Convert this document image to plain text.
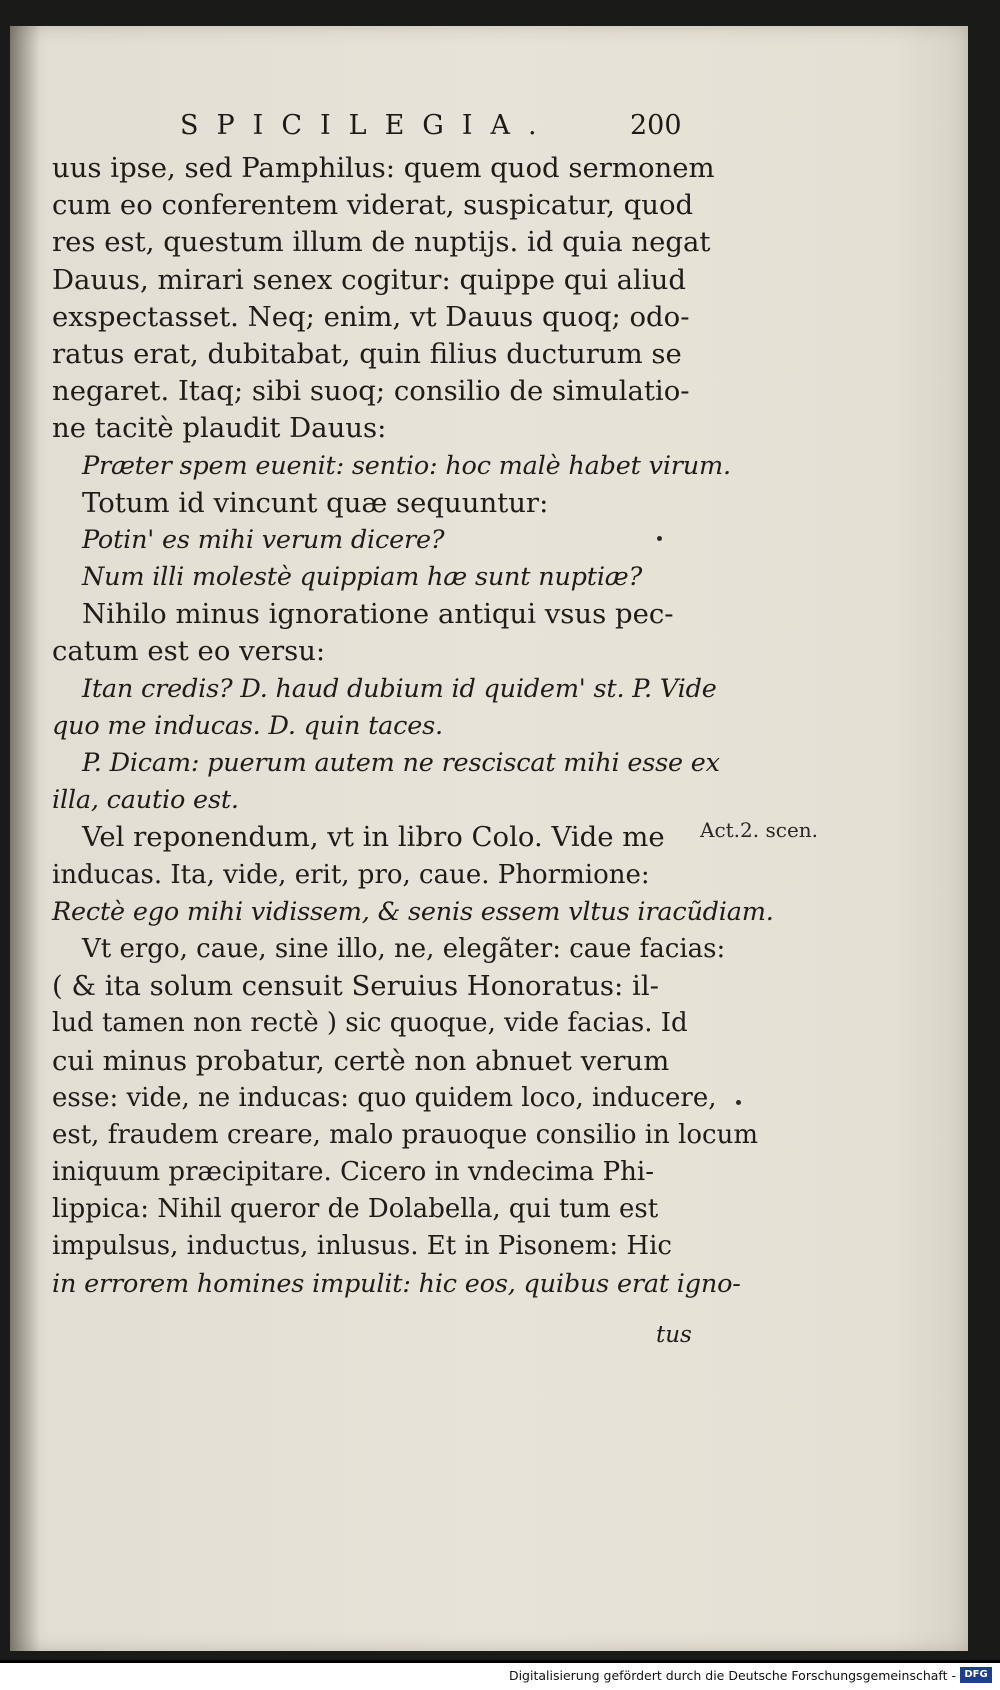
SPICILEGIA.	200
uus ipse, sed Pamphilus: quem quod sermonem
cum eo conferentem viderat, suspicatur, quod
res est, questum illum de nuptijs. id quia negat
Dauus, mirari senex cogitur: quippe qui aliud
exspectasset. Neq; enim, vt Dauus quoq; odo-
ratus erat, dubitabat, quin filius ducturum se
negaret. Itaq; sibi suoq; consilio de simulatio-
ne tacitè plaudit Dauus:
Præter spem euenit: sentio: hoc malè habet virum.
Totum id vincunt quæ sequuntur:
Potin' es mihi verum dicere?
Num illi molestè quippiam hæ sunt nuptiæ?
Nihilo minus ignoratione antiqui vsus pec-
catum est eo versu:
Itan credis? D. haud dubium id quidem' st. P. Vide
quo me inducas. D. quin taces.
P. Dicam: puerum autem ne resciscat mihi esse ex
illa, cautio est.
Vel reponendum, vt in libro Colo. Vide me
inducas. Ita, vide, erit, pro, caue. Phormione:
Rectè ego mihi vidissem, & senis essem vltus iracũdiam.
Vt ergo, caue, sine illo, ne, elegãter: caue facias:
( & ita solum censuit Seruius Honoratus: il-
lud tamen non rectè ) sic quoque, vide facias. Id
cui minus probatur, certè non abnuet verum
esse: vide, ne inducas: quo quidem loco, inducere,
est, fraudem creare, malo prauoque consilio in locum
iniquum præcipitare. Cicero in vndecima Phi-
lippica: Nihil queror de Dolabella, qui tum est
impulsus, inductus, inlusus. Et in Pisonem: Hic
in errorem homines impulit: hic eos, quibus erat igno-
Act.2. scen.
tus
Digitalisierung gefördert durch die Deutsche Forschungsgemeinschaft - DFG
